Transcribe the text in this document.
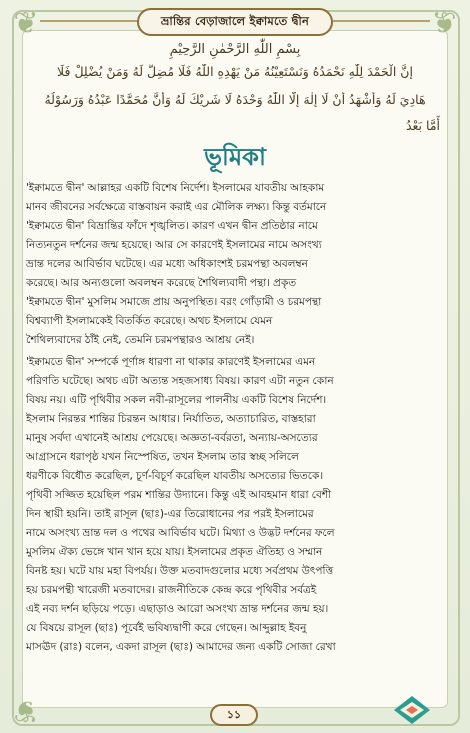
❦	❦
❦
ভ্রান্তির বেড়াজালে ইক্বামতে দ্বীন
بِسْمِ اللّٰهِ الرَّحْمٰنِ الرَّحِيْمِ
إِنَّ الْحَمْدَ لِلّٰهِ نَحْمَدُهُ وَنَسْتَعِيْنُهُ مَنْ يَهْدِهِ اللّٰهُ فَلَا مُضِلَّ لَهُ وَمَنْ يُضْلِلْ فَلَا
هَادِيَ لَهُ وَأَشْهَدُ أَنْ لَا إِلٰهَ إِلَّا اللّٰهُ وَحْدَهُ لَا شَرِيْكَ لَهُ وَأَنَّ مُحَمَّدًا عَبْدُهُ وَرَسُوْلُهُ
أَمَّا بَعْدُ
ভূমিকা
'ইক্বামতে দ্বীন' আল্লাহর একটি বিশেষ নির্দেশ। ইসলামের যাবতীয় আহকাম
মানব জীবনের সর্বক্ষেত্রে বাস্তবায়ন করাই এর মৌলিক লক্ষ্য। কিন্তু বর্তমানে
'ইক্বামতে দ্বীন' বিভ্রান্তির ফাঁদে শৃঙ্খলিত। কারণ এখন দ্বীন প্রতিষ্ঠার নামে
নিত্যনতুন দর্শনের জন্ম হয়েছে। আর সে কারণেই ইসলামের নামে অসংখ্য
ভ্রান্ত দলের আবির্ভাব ঘটেছে। এর মধ্যে অধিকাংশই চরমপন্থা অবলম্বন
করেছে। আর অন্যগুলো অবলম্বন করেছে শৈথিল্যবাদী পন্থা। প্রকৃত
'ইক্বামতে দ্বীন' মুসলিম সমাজে প্রায় অনুপস্থিত। বরং গোঁড়ামী ও চরমপন্থা
বিশ্বব্যাপী ইসলামকেই বিতর্কিত করেছে। অথচ ইসলামে যেমন
শৈথিল্যবাদের ঠাঁই নেই, তেমনি চরমপন্থারও আশ্রয় নেই।
'ইক্বামতে দ্বীন' সম্পর্কে পূর্ণাঙ্গ ধারণা না থাকার কারণেই ইসলামের এমন
পরিণতি ঘটেছে। অথচ এটা অত্যন্ত সহজসাধ্য বিষয়। কারণ এটা নতুন কোন
বিষয় নয়। এটি পৃথিবীর সকল নবী-রাসূলের পালনীয় একটি বিশেষ নির্দেশ।
ইসলাম নিরন্তর শান্তির চিরন্তন আধার। নির্যাতিত, অত্যাচারিত, বাস্তহারা
মানুষ সর্বদা এখানেই আশ্রয় পেয়েছে। অজ্ঞতা-বর্বরতা, অন্যায়-অসত্যের
আগ্রাসনে ধরাপৃষ্ঠ যখন নিস্পেষিত, তখন ইসলাম তার স্বচ্ছ সলিলে
ধরণীকে বিধৌত করেছিল, চূর্ণ-বিচূর্ণ করেছিল যাবতীয় অসত্যের ভিতকে।
পৃথিবী সজ্জিত হয়েছিল পরম শান্তির উদ্যানে। কিন্তু এই আবহমান ধারা বেশী
দিন স্থায়ী হয়নি। তাই রাসূল (ছাঃ)-এর তিরোধানের পর পরই ইসলামের
নামে অসংখ্য ভ্রান্ত দল ও পথের আবির্ভাব ঘটে। মিথ্যা ও উদ্ভট দর্শনের ফলে
মুসলিম ঐক্য ভেঙ্গে খান খান হয়ে যায়। ইসলামের প্রকৃত ঐতিহ্য ও সম্মান
বিনষ্ট হয়। ঘটে যায় মহা বিপর্যয়। উক্ত মতবাদগুলোর মধ্যে সর্বপ্রথম উৎপত্তি
হয় চরমপন্থী খারেজী মতবাদের। রাজনীতিকে কেন্দ্র করে পৃথিবীর সর্বত্রই
এই নব্য দর্শন ছড়িয়ে পড়ে। এছাড়াও আরো অসংখ্য ভ্রান্ত দর্শনের জন্ম হয়।
যে বিষয়ে রাসূল (ছাঃ) পূর্বেই ভবিষ্যদ্বাণী করে গেছেন। আব্দুল্লাহ ইবনু
মাসঊদ (রাঃ) বলেন, একদা রাসূল (ছাঃ) আমাদের জন্য একটি সোজা রেখা
১১
